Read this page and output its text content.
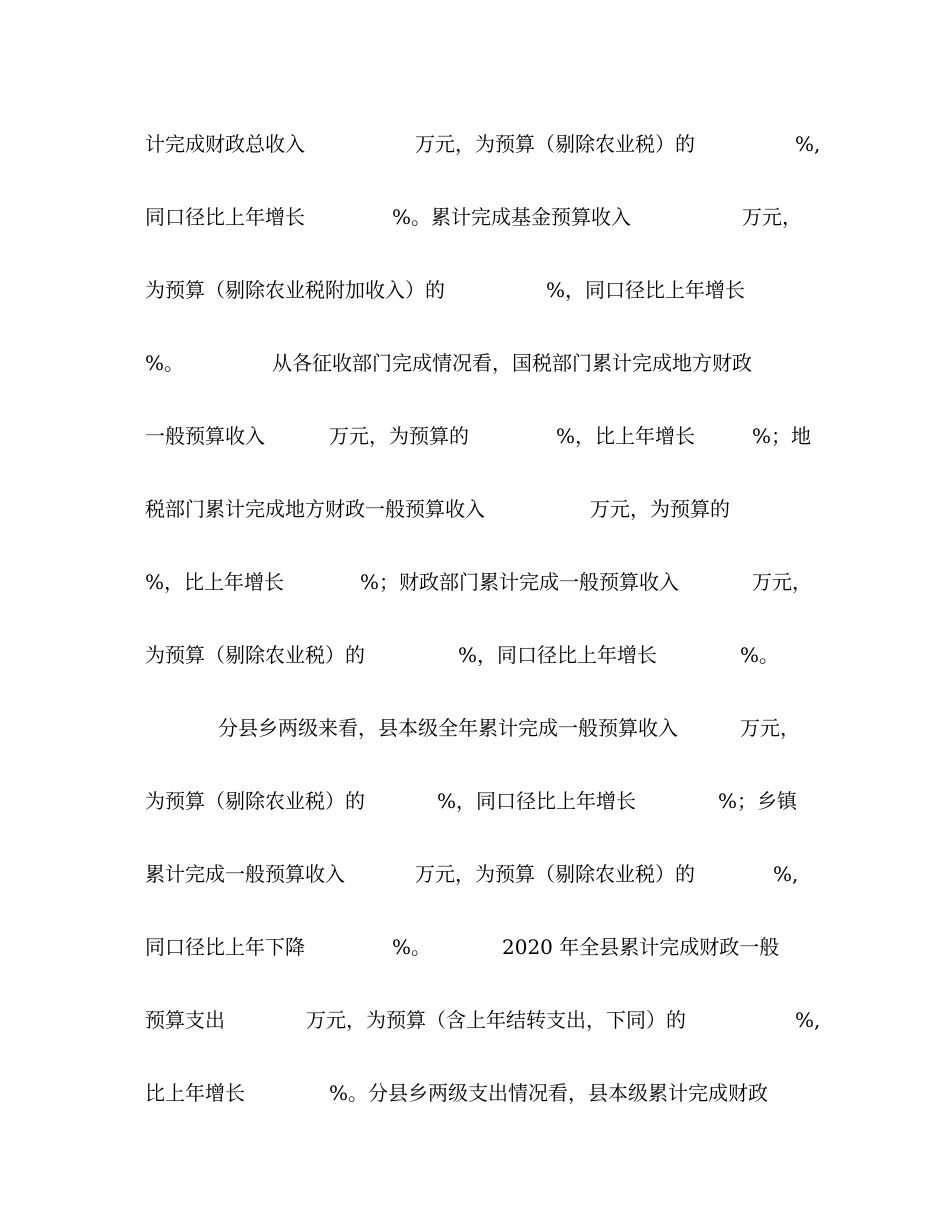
计完成财政总收入	万元，为预算（剔除农业税）的	%,
同口径比上年增长	%。累计完成基金预算收入	万元，
为预算（剔除农业税附加收入）的	%，同口径比上年增长
%。	从各征收部门完成情况看，国税部门累计完成地方财政
一般预算收入	万元，为预算的	%，比上年增长	%；地
税部门累计完成地方财政一般预算收入	万元，为预算的
%，比上年增长	%；财政部门累计完成一般预算收入	万元，
为预算（剔除农业税）的	%，同口径比上年增长	%。
分县乡两级来看，县本级全年累计完成一般预算收入	万元，
为预算（剔除农业税）的	%，同口径比上年增长	%；乡镇
累计完成一般预算收入	万元，为预算（剔除农业税）的	%,
同口径比上年下降	%。	2020 年全县累计完成财政一般
预算支出	万元，为预算（含上年结转支出，下同）的	%,
比上年增长	%。分县乡两级支出情况看，县本级累计完成财政
